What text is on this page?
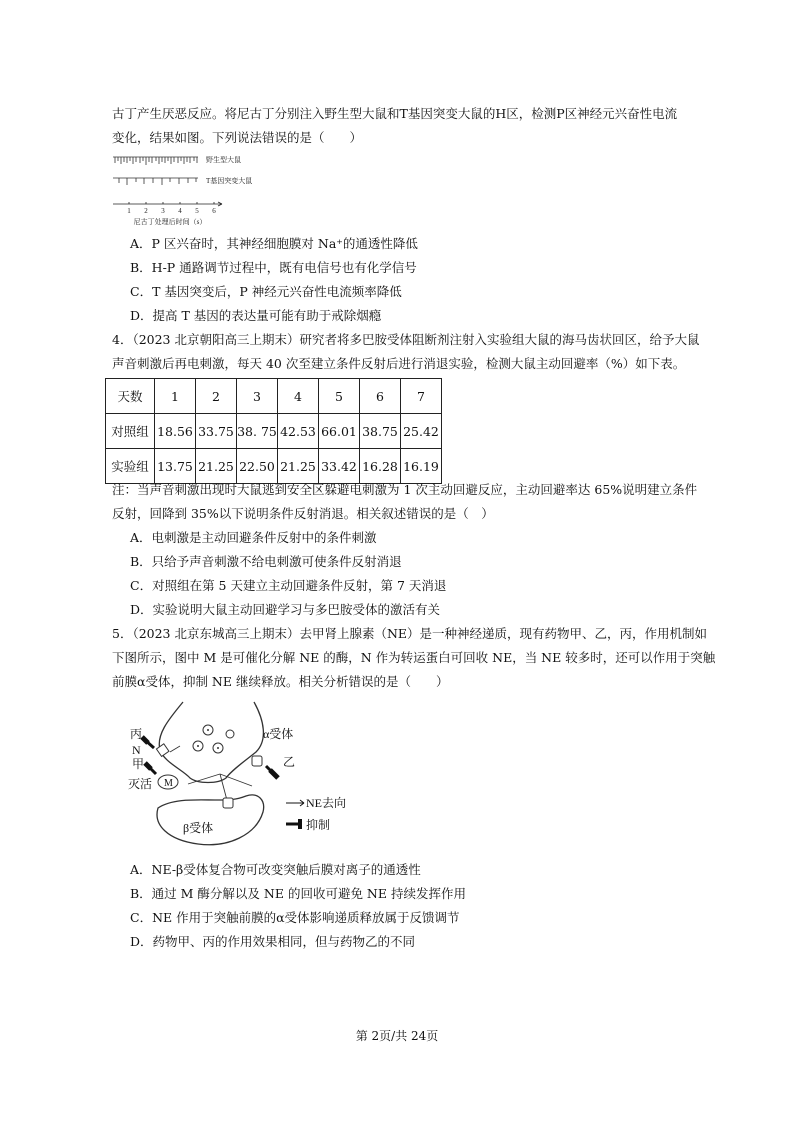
古丁产生厌恶反应。将尼古丁分别注入野生型大鼠和T基因突变大鼠的H区，检测P区神经元兴奋性电流
变化，结果如图。下列说法错误的是（　　）
野生型大鼠
T基因突变大鼠
1 2 3 4 5 6
尼古丁处理后时间（s）
A．P 区兴奋时，其神经细胞膜对 Na⁺的通透性降低
B．H-P 通路调节过程中，既有电信号也有化学信号
C．T 基因突变后，P 神经元兴奋性电流频率降低
D．提高 T 基因的表达量可能有助于戒除烟瘾
4．（2023 北京朝阳高三上期末）研究者将多巴胺受体阻断剂注射入实验组大鼠的海马齿状回区，给予大鼠
声音刺激后再电刺激，每天 40 次至建立条件反射后进行消退实验，检测大鼠主动回避率（%）如下表。
天数	1	2	3	4	5	6	7
对照组	18.56	33.75	38. 75	42.53	66.01	38.75	25.42
实验组	13.75	21.25	22.50	21.25	33.42	16.28	16.19
注：当声音刺激出现时大鼠逃到安全区躲避电刺激为 1 次主动回避反应，主动回避率达 65%说明建立条件
反射，回降到 35%以下说明条件反射消退。相关叙述错误的是（　）
A．电刺激是主动回避条件反射中的条件刺激
B．只给予声音刺激不给电刺激可使条件反射消退
C．对照组在第 5 天建立主动回避条件反射，第 7 天消退
D．实验说明大鼠主动回避学习与多巴胺受体的激活有关
5．（2023 北京东城高三上期末）去甲肾上腺素（NE）是一种神经递质，现有药物甲、乙，丙，作用机制如
下图所示，图中 M 是可催化分解 NE 的酶，N 作为转运蛋白可回收 NE，当 NE 较多时，还可以作用于突触
前膜α受体，抑制 NE 继续释放。相关分析错误的是（　　）
M
丙
N
甲
灭活
α受体
乙
β受体
NE去向
抑制
A．NE-β受体复合物可改变突触后膜对离子的通透性
B．通过 M 酶分解以及 NE 的回收可避免 NE 持续发挥作用
C．NE 作用于突触前膜的α受体影响递质释放属于反馈调节
D．药物甲、丙的作用效果相同，但与药物乙的不同
第 2页/共 24页
